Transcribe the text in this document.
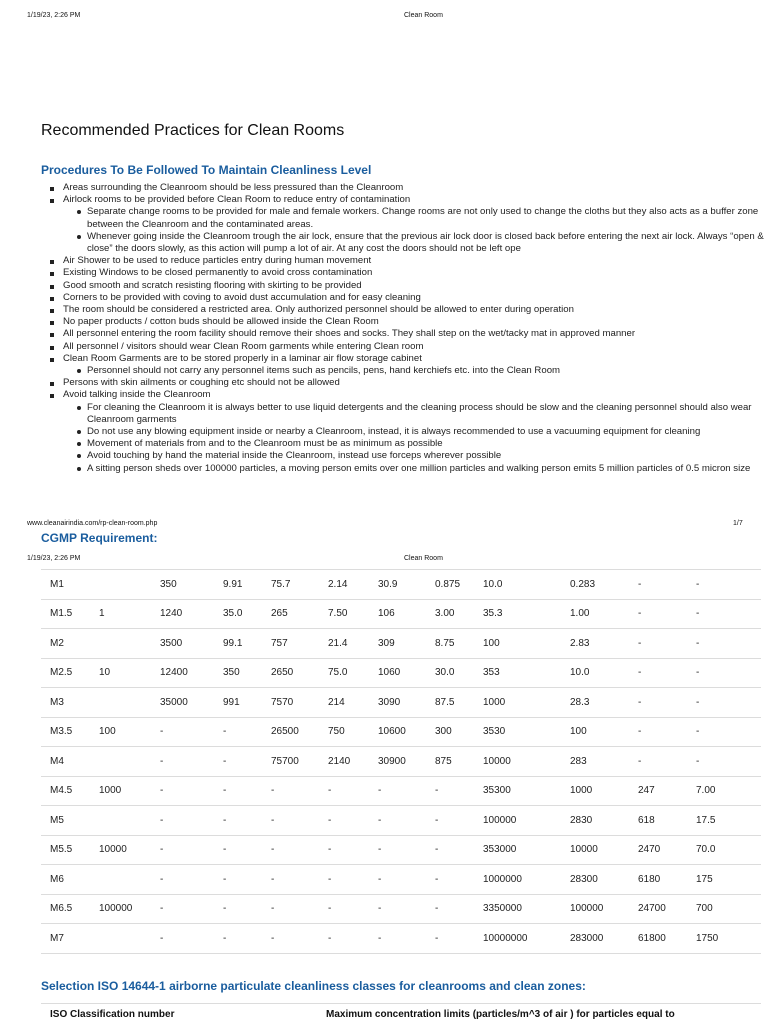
1/19/23, 2:26 PM	Clean Room
Recommended Practices for Clean Rooms
Procedures To Be Followed To Maintain Cleanliness Level
Areas surrounding the Cleanroom should be less pressured than the Cleanroom
Airlock rooms to be provided before Clean Room to reduce entry of contamination
Separate change rooms to be provided for male and female workers. Change rooms are not only used to change the cloths but they also acts as a buffer zone between the Cleanroom and the contaminated areas.
Whenever going inside the Cleanroom trough the air lock, ensure that the previous air lock door is closed back before entering the next air lock. Always “open & close” the doors slowly, as this action will pump a lot of air. At any cost the doors should not be left ope
Air Shower to be used to reduce particles entry during human movement
Existing Windows to be closed permanently to avoid cross contamination
Good smooth and scratch resisting flooring with skirting to be provided
Corners to be provided with coving to avoid dust accumulation and for easy cleaning
The room should be considered a restricted area. Only authorized personnel should be allowed to enter during operation
No paper products / cotton buds should be allowed inside the Clean Room
All personnel entering the room facility should remove their shoes and socks. They shall step on the wet/tacky mat in approved manner
All personnel / visitors should wear Clean Room garments while entering Clean room
Clean Room Garments are to be stored properly in a laminar air flow storage cabinet
Personnel should not carry any personnel items such as pencils, pens, hand kerchiefs etc. into the Clean Room
Persons with skin ailments or coughing etc should not be allowed
Avoid talking inside the Cleanroom
For cleaning the Cleanroom it is always better to use liquid detergents and the cleaning process should be slow and the cleaning personnel should also wear Cleanroom garments
Do not use any blowing equipment inside or nearby a Cleanroom, instead, it is always recommended to use a vacuuming equipment for cleaning
Movement of materials from and to the Cleanroom must be as minimum as possible
Avoid touching by hand the material inside the Cleanroom, instead use forceps wherever possible
A sitting person sheds over 100000 particles, a moving person emits over one million particles and walking person emits 5 million particles of 0.5 micron size
www.cleanairindia.com/rp-clean-room.php	1/7
CGMP Requirement:
1/19/23, 2:26 PM	Clean Room
M1		350	9.91	75.7	2.14	30.9	0.875	10.0	0.283	-	-
M1.5	1	1240	35.0	265	7.50	106	3.00	35.3	1.00	-	-
M2		3500	99.1	757	21.4	309	8.75	100	2.83	-	-
M2.5	10	12400	350	2650	75.0	1060	30.0	353	10.0	-	-
M3		35000	991	7570	214	3090	87.5	1000	28.3	-	-
M3.5	100	-	-	26500	750	10600	300	3530	100	-	-
M4		-	-	75700	2140	30900	875	10000	283	-	-
M4.5	1000	-	-	-	-	-	-	35300	1000	247	7.00
M5		-	-	-	-	-	-	100000	2830	618	17.5
M5.5	10000	-	-	-	-	-	-	353000	10000	2470	70.0
M6		-	-	-	-	-	-	1000000	28300	6180	175
M6.5	100000	-	-	-	-	-	-	3350000	100000	24700	700
M7		-	-	-	-	-	-	10000000	283000	61800	1750
Selection ISO 14644-1 airborne particulate cleanliness classes for cleanrooms and clean zones:
ISO Classification number	Maximum concentration limits (particles/m^3 of air ) for particles equal to
